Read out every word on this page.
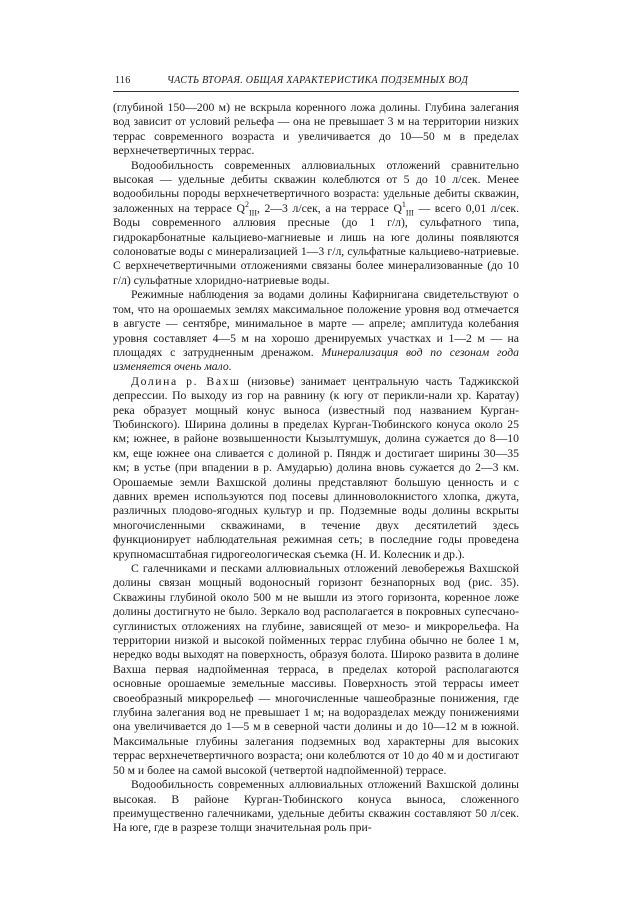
116	ЧАСТЬ ВТОРАЯ. ОБЩАЯ ХАРАКТЕРИСТИКА ПОДЗЕМНЫХ ВОД

(глубиной 150—200 м) не вскрыла коренного ложа долины. Глубина залегания вод зависит от условий рельефа — она не превышает 3 м на территории низких террас современного возраста и увеличивается до 10—50 м в пределах верхнечетвертичных террас.

Водообильность современных аллювиальных отложений сравнительно высокая — удельные дебиты скважин колеблются от 5 до 10 л/сек. Менее водообильны породы верхнечетвертичного возраста: удельные дебиты скважин, заложенных на террасе $Q^2_{III}$, 2—3 л/сек, а на террасе $Q^1_{III}$ — всего 0,01 л/сек. Воды современного аллювия пресные (до 1 г/л), сульфатного типа, гидрокарбонатные кальциево-магниевые и лишь на юге долины появляются солоноватые воды с минерализацией 1—3 г/л, сульфатные кальциево-натриевые. С верхнечетвертичными отложениями связаны более минерализованные (до 10 г/л) сульфатные хлоридно-натриевые воды.

Режимные наблюдения за водами долины Кафирнигана свидетельствуют о том, что на орошаемых землях максимальное положение уровня вод отмечается в августе — сентябре, минимальное в марте — апреле; амплитуда колебания уровня составляет 4—5 м на хорошо дренируемых участках и 1—2 м — на площадях с затрудненным дренажом. Минерализация вод по сезонам года изменяется очень мало.

Долина р. Вахш (низовье) занимает центральную часть Таджикской депрессии. По выходу из гор на равнину (к югу от перикли-нали хр. Каратау) река образует мощный конус выноса (известный под названием Курган-Тюбинского). Ширина долины в пределах Курган-Тюбинского конуса около 25 км; южнее, в районе возвышенности Кызылтумшук, долина сужается до 8—10 км, еще южнее она сливается с долиной р. Пяндж и достигает ширины 30—35 км; в устье (при впадении в р. Амударью) долина вновь сужается до 2—3 км. Орошаемые земли Вахшской долины представляют большую ценность и с давних времен используются под посевы длинноволокнистого хлопка, джута, различных плодово-ягодных культур и пр. Подземные воды долины вскрыты многочисленными скважинами, в течение двух десятилетий здесь функционирует наблюдательная режимная сеть; в последние годы проведена крупномасштабная гидрогеологическая съемка (Н. И. Колесник и др.).

С галечниками и песками аллювиальных отложений левобережья Вахшской долины связан мощный водоносный горизонт безнапорных вод (рис. 35). Скважины глубиной около 500 м не вышли из этого горизонта, коренное ложе долины достигнуто не было. Зеркало вод располагается в покровных супесчано-суглинистых отложениях на глубине, зависящей от мезо- и микрорельефа. На территории низкой и высокой пойменных террас глубина обычно не более 1 м, нередко воды выходят на поверхность, образуя болота. Широко развита в долине Вахша первая надпойменная терраса, в пределах которой располагаются основные орошаемые земельные массивы. Поверхность этой террасы имеет своеобразный микрорельеф — многочисленные чашеобразные понижения, где глубина залегания вод не превышает 1 м; на водоразделах между понижениями она увеличивается до 1—5 м в северной части долины и до 10—12 м в южной. Максимальные глубины залегания подземных вод характерны для высоких террас верхнечетвертичного возраста; они колеблются от 10 до 40 м и достигают 50 м и более на самой высокой (четвертой надпойменной) террасе.

Водообильность современных аллювиальных отложений Вахшской долины высокая. В районе Курган-Тюбинского конуса выноса, сложенного преимущественно галечниками, удельные дебиты скважин составляют 50 л/сек. На юге, где в разрезе толщи значительная роль при-
